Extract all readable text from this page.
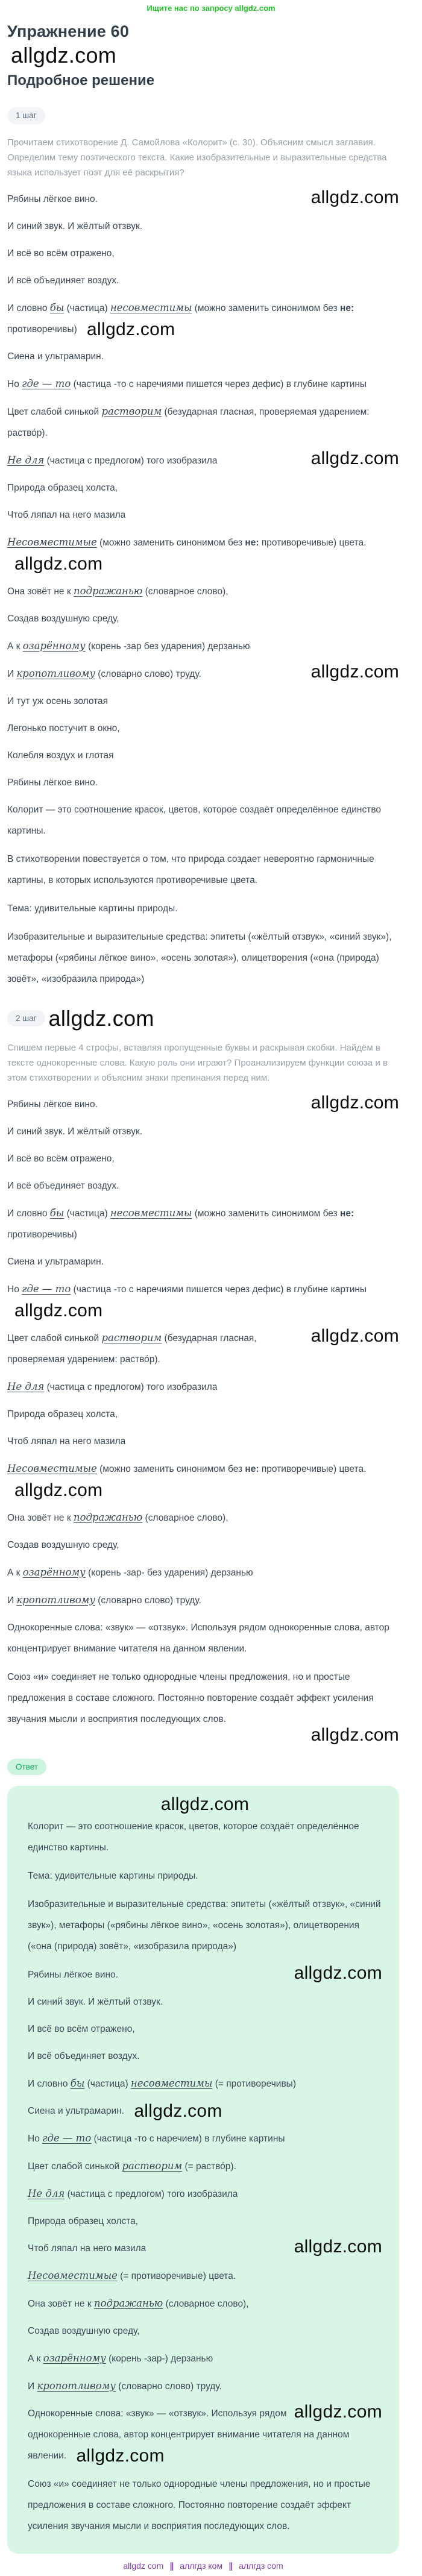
Ищите нас по запросу allgdz.com
Упражнение 60
allgdz.com
Подробное решение
1 шаг

Прочитаем стихотворение Д. Самойлова «Колорит» (с. 30). Объясним смысл заглавия. Определим тему поэтического текста. Какие изобразительные и выразительные средства языка использует поэт для её раскрытия?

allgdz.com
Рябины лёгкое вино.

И синий звук. И жёлтый отзвук.

И всё во всём отражено,

И всё объединяет воздух.

И словно бы (частица) несовместимы (можно заменить синонимом без не: противоречивы) allgdz.com

Сиена и ультрамарин.

Но где — то (частица -то с наречиями пишется через дефис) в глубине картины

Цвет слабой синькой растворим (безударная гласная, проверяемая ударением: раство́р).

allgdz.com
Не для (частица с предлогом) того изобразила

Природа образец холста,

Чтоб ляпал на него мазила

Несовместимые (можно заменить синонимом без не: противоречивые) цвета. allgdz.com

Она зовёт не к подражанью (словарное слово),

Создав воздушную среду,

А к озарённому (корень -зар без ударения) дерзанью

allgdz.com
И кропотливому (словарно слово) труду.

И тут уж осень золотая

Легонько постучит в окно,

Колебля воздух и глотая

Рябины лёгкое вино.

Колорит — это соотношение красок, цветов, которое создаёт определённое единство картины.

В стихотворении повествуется о том, что природа создает невероятно гармоничные картины, в которых используются противоречивые цвета.

Тема: удивительные картины природы.

Изобразительные и выразительные средства: эпитеты («жёлтый отзвук», «синий звук»), метафоры («рябины лёгкое вино», «осень золотая»), олицетворения («она (природа) зовёт», «изобразила природа»)

2 шаг allgdz.com

Спишем первые 4 строфы, вставляя пропущенные буквы и раскрывая скобки. Найдём в тексте однокоренные слова. Какую роль они играют? Проанализируем функции союза и в этом стихотворении и объясним знаки препинания перед ним.

allgdz.com
Рябины лёгкое вино.

И синий звук. И жёлтый отзвук.

И всё во всём отражено,

И всё объединяет воздух.

И словно бы (частица) несовместимы (можно заменить синонимом без не: противоречивы)

Сиена и ультрамарин.

Но где — то (частица -то с наречиями пишется через дефис) в глубине картины allgdz.com

allgdz.com
Цвет слабой синькой растворим (безударная гласная, проверяемая ударением: раство́р).

Не для (частица с предлогом) того изобразила

Природа образец холста,

Чтоб ляпал на него мазила

Несовместимые (можно заменить синонимом без не: противоречивые) цвета. allgdz.com

Она зовёт не к подражанью (словарное слово),

Создав воздушную среду,

А к озарённому (корень -зар- без ударения) дерзанью

И кропотливому (словарно слово) труду.

Однокоренные слова: «звук» — «отзвук». Используя рядом однокоренные слова, автор концентрирует внимание читателя на данном явлении.

Союз «и» соединяет не только однородные члены предложения, но и простые предложения в составе сложного. Постоянно повторение создаёт эффект усиления звучания мысли и восприятия последующих слов.

allgdz.com
Ответ
allgdz.com

Колорит — это соотношение красок, цветов, которое создаёт определённое единство картины.

Тема: удивительные картины природы.

Изобразительные и выразительные средства: эпитеты («жёлтый отзвук», «синий звук»), метафоры («рябины лёгкое вино», «осень золотая»), олицетворения («она (природа) зовёт», «изобразила природа»)

allgdz.com
Рябины лёгкое вино.

И синий звук. И жёлтый отзвук.

И всё во всём отражено,

И всё объединяет воздух.

И словно бы (частица) несовместимы (= противоречивы)

Сиена и ультрамарин. allgdz.com

Но где — то (частица -то с наречием) в глубине картины

Цвет слабой синькой растворим (= раство́р).

Не для (частица с предлогом) того изобразила

Природа образец холста,

allgdz.com
Чтоб ляпал на него мазила

Несовместимые (= противоречивые) цвета.

Она зовёт не к подражанью (словарное слово),

Создав воздушную среду,

А к озарённому (корень -зар-) дерзанью

И кропотливому (словарно слово) труду.

allgdz.com
Однокоренные слова: «звук» — «отзвук». Используя рядом однокоренные слова, автор концентрирует внимание читателя на данном явлении. allgdz.com

Союз «и» соединяет не только однородные члены предложения, но и простые предложения в составе сложного. Постоянно повторение создаёт эффект усиления звучания мысли и восприятия последующих слов.

allgdz com ∥ аллгдз ком ∥ аллгдз com
